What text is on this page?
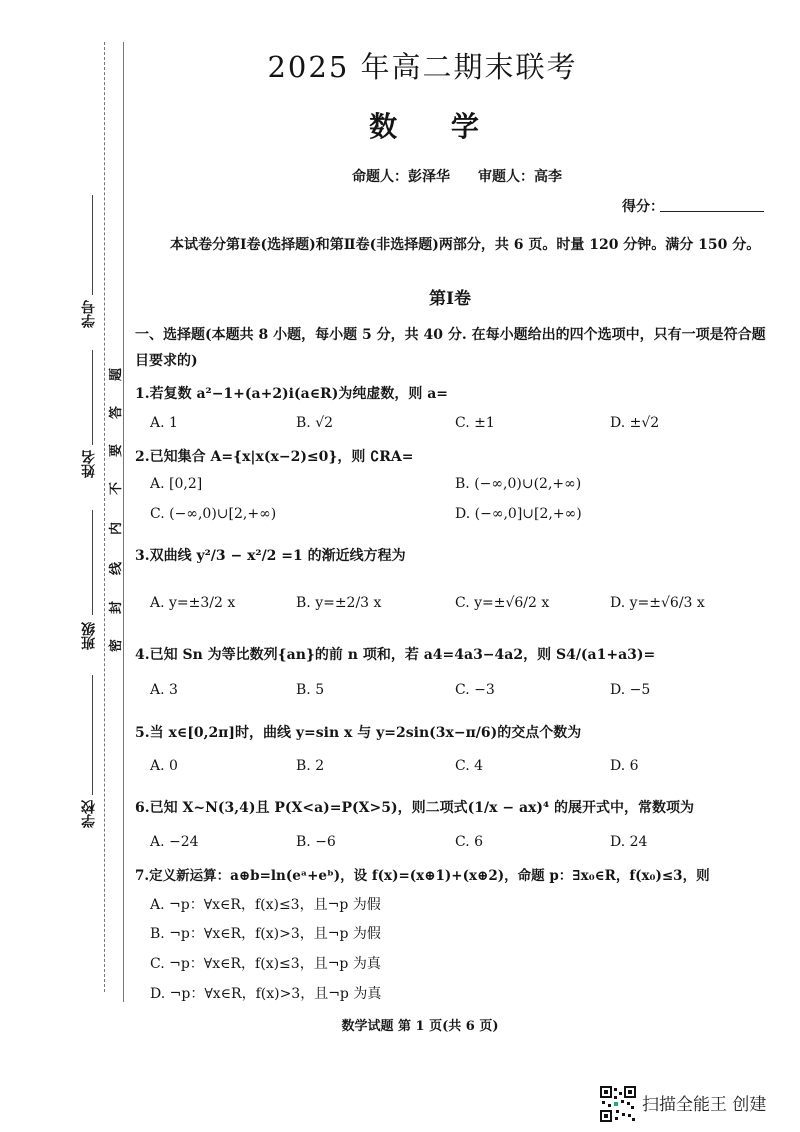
学号
姓名
班级
学校
题
答
要
不
内
线
封
密
2025 年高二期末联考
数 学
命题人：彭泽华　　审题人：高李
得分：
本试卷分第Ⅰ卷(选择题)和第Ⅱ卷(非选择题)两部分，共 6 页。时量 120 分钟。满分 150 分。
第Ⅰ卷
一、选择题(本题共 8 小题，每小题 5 分，共 40 分. 在每小题给出的四个选项中，只有一项是符合题目要求的)
1.若复数 a²−1+(a+2)i(a∈R)为纯虚数，则 a=
A. 1	B. √2	C. ±1	D. ±√2
2.已知集合 A={x|x(x−2)≤0}，则 ∁RA=
A. [0,2]	B. (−∞,0)∪(2,+∞)
C. (−∞,0)∪[2,+∞)	D. (−∞,0]∪[2,+∞)
3.双曲线 y²/3 − x²/2 =1 的渐近线方程为
A. y=±3/2 x	B. y=±2/3 x	C. y=±√6/2 x	D. y=±√6/3 x
4.已知 Sn 为等比数列{an}的前 n 项和，若 a4=4a3−4a2，则 S4/(a1+a3)=
A. 3	B. 5	C. −3	D. −5
5.当 x∈[0,2π]时，曲线 y=sin x 与 y=2sin(3x−π/6)的交点个数为
A. 0	B. 2	C. 4	D. 6
6.已知 X~N(3,4)且 P(X<a)=P(X>5)，则二项式(1/x − ax)⁴ 的展开式中，常数项为
A. −24	B. −6	C. 6	D. 24
7.定义新运算：a⊕b=ln(eᵃ+eᵇ)，设 f(x)=(x⊕1)+(x⊕2)，命题 p：∃x₀∈R，f(x₀)≤3，则
A. ¬p：∀x∈R，f(x)≤3，且¬p 为假
B. ¬p：∀x∈R，f(x)>3，且¬p 为假
C. ¬p：∀x∈R，f(x)≤3，且¬p 为真
D. ¬p：∀x∈R，f(x)>3，且¬p 为真
数学试题 第 1 页(共 6 页)
扫描全能王 创建
